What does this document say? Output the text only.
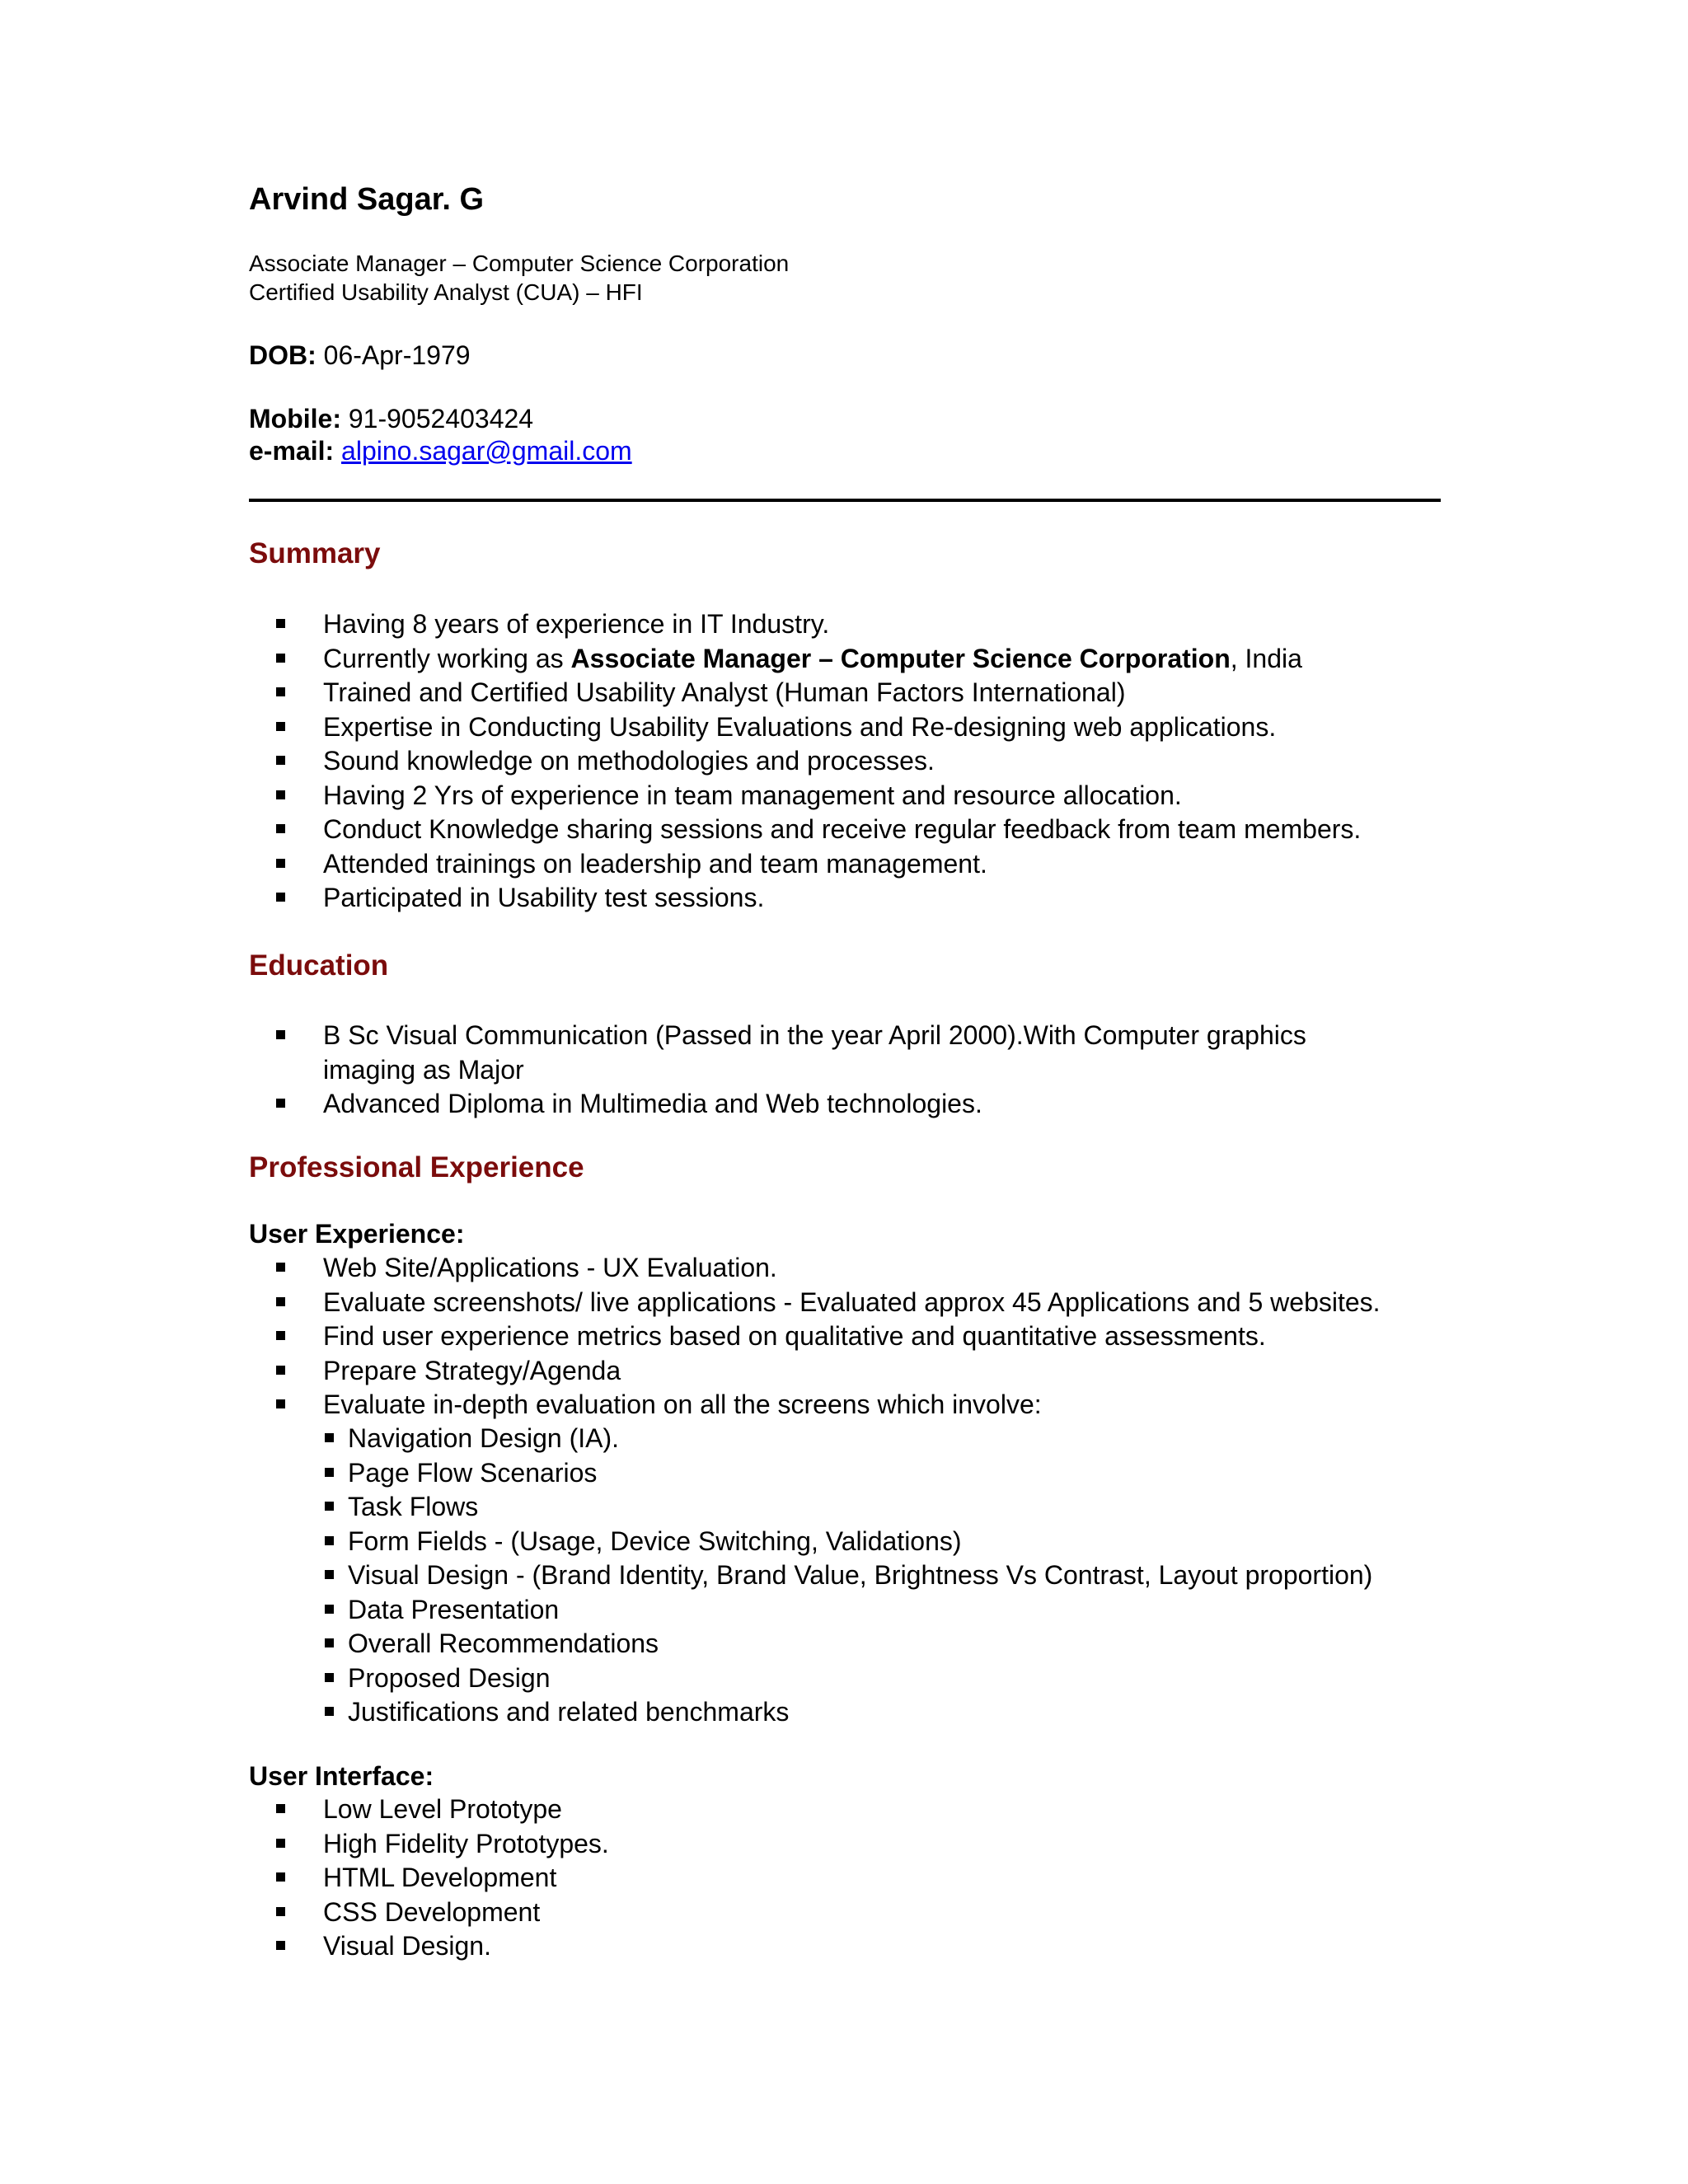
Arvind Sagar. G
Associate Manager – Computer Science Corporation
Certified Usability Analyst (CUA) – HFI
DOB: 06-Apr-1979
Mobile: 91-9052403424
e-mail: alpino.sagar@gmail.com
Summary
Having 8 years of experience in IT Industry.
Currently working as Associate Manager – Computer Science Corporation, India
Trained and Certified Usability Analyst (Human Factors International)
Expertise in Conducting Usability Evaluations and Re-designing web applications.
Sound knowledge on methodologies and processes.
Having 2 Yrs of experience in team management and resource allocation.
Conduct Knowledge sharing sessions and receive regular feedback from team members.
Attended trainings on leadership and team management.
Participated in Usability test sessions.
Education
B Sc Visual Communication (Passed in the year April 2000).With Computer graphics imaging as Major
Advanced Diploma in Multimedia and Web technologies.
Professional Experience
User Experience:
Web Site/Applications - UX Evaluation.
Evaluate screenshots/ live applications - Evaluated approx 45 Applications and 5 websites.
Find user experience metrics based on qualitative and quantitative assessments.
Prepare Strategy/Agenda
Evaluate in-depth evaluation on all the screens which involve:
Navigation Design (IA).
Page Flow Scenarios
Task Flows
Form Fields - (Usage, Device Switching, Validations)
Visual Design - (Brand Identity, Brand Value, Brightness Vs Contrast, Layout proportion)
Data Presentation
Overall Recommendations
Proposed Design
Justifications and related benchmarks
User Interface:
Low Level Prototype
High Fidelity Prototypes.
HTML Development
CSS Development
Visual Design.
